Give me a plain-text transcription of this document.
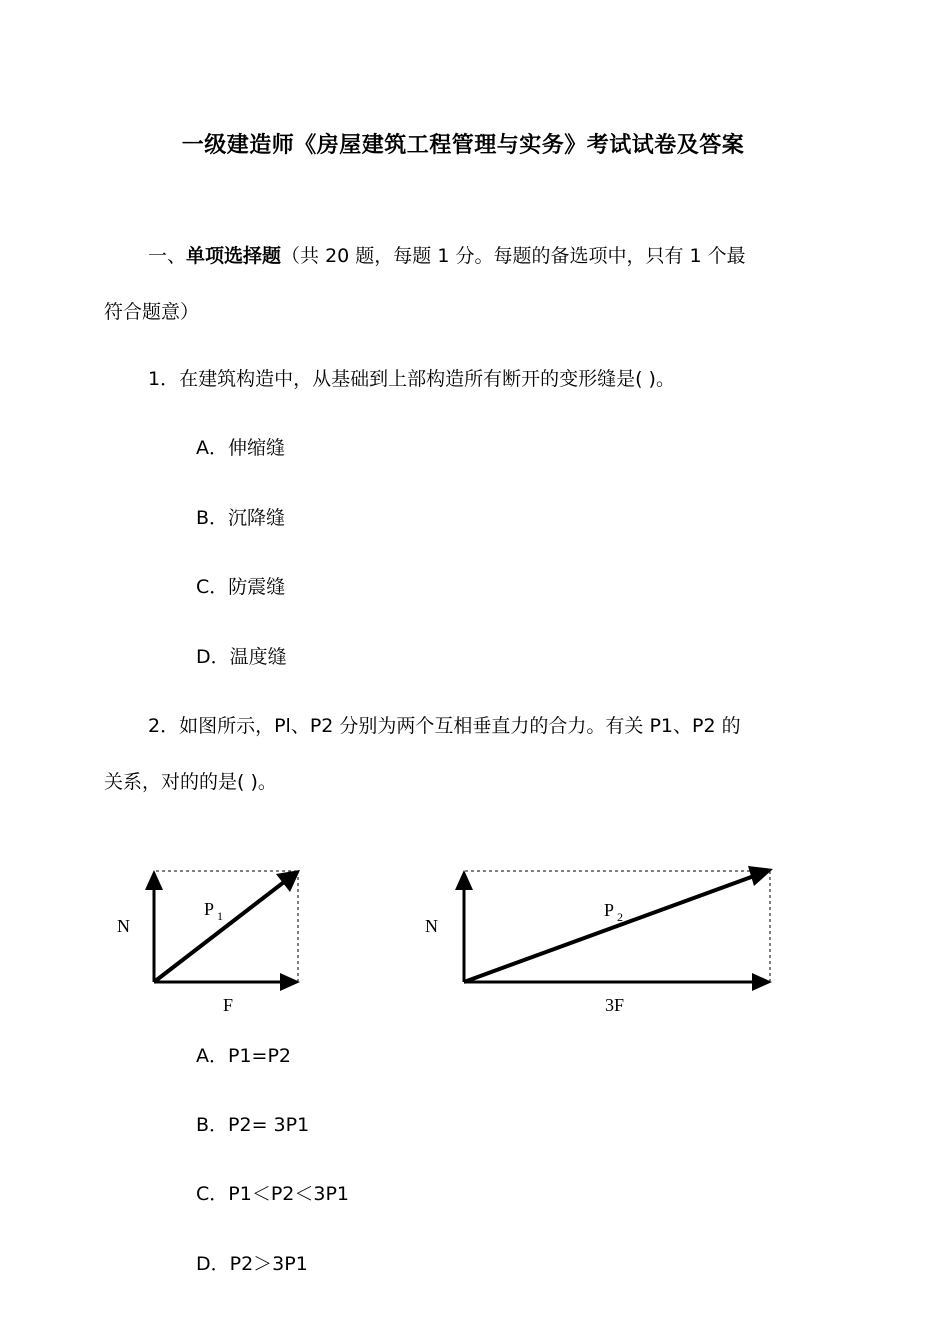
一级建造师《房屋建筑工程管理与实务》考试试卷及答案
一、单项选择题（共 20 题，每题 1 分。每题的备选项中，只有 1 个最
符合题意）
1．在建筑构造中，从基础到上部构造所有断开的变形缝是( )。
A．伸缩缝
B．沉降缝
C．防震缝
D．温度缝
2．如图所示，Pl、P2 分别为两个互相垂直力的合力。有关 P1、P2 的
关系，对的的是( )。
N
P 1
F
N
P 2
3F
A．P1=P2
B．P2= 3P1
C．P1＜P2＜3P1
D．P2＞3P1
